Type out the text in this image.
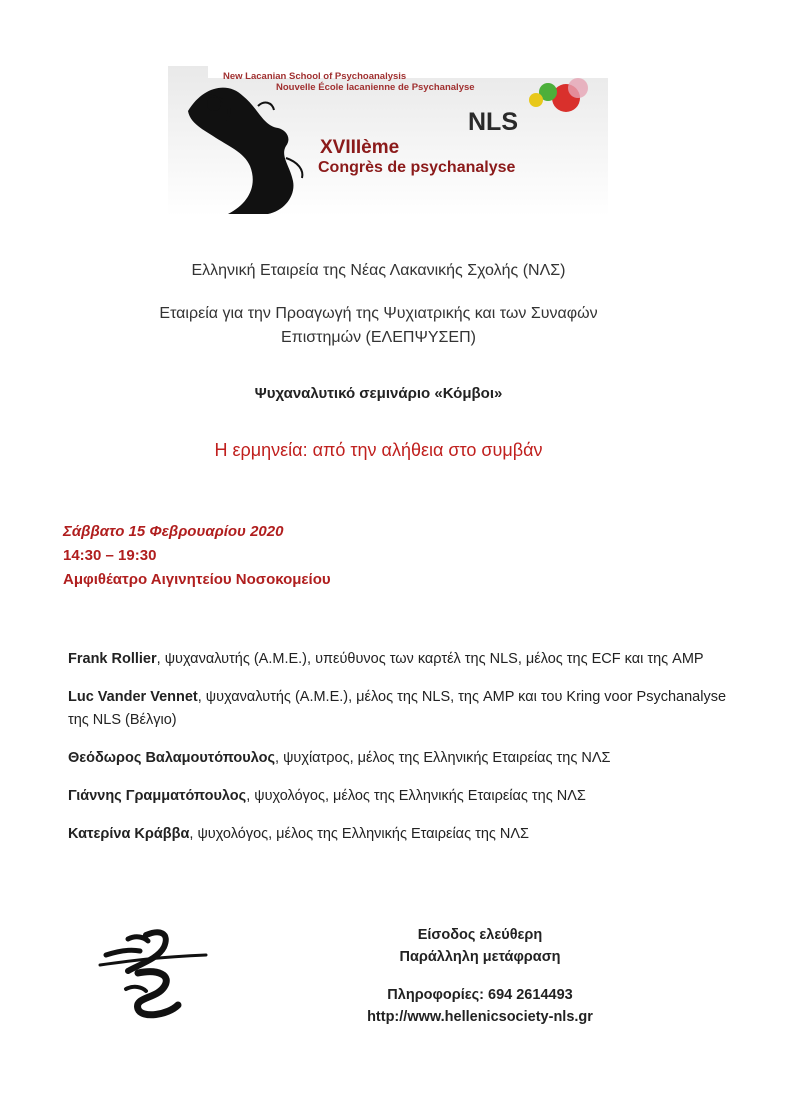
New Lacanian School of Psychoanalysis
Nouvelle École lacanienne de Psychanalyse
NLS
XVIIIème
Congrès de psychanalyse
Ελληνική Εταιρεία της Νέας Λακανικής Σχολής (ΝΛΣ)
Εταιρεία για την Προαγωγή της Ψυχιατρικής και των Συναφών
Επιστημών (ΕΛΕΠΨΥΣΕΠ)
Ψυχαναλυτικό σεμινάριο «Κόμβοι»
Η ερμηνεία: από την αλήθεια στο συμβάν
Σάββατο 15 Φεβρουαρίου 2020
14:30 – 19:30
Αμφιθέατρο Αιγινητείου Νοσοκομείου
Frank Rollier, ψυχαναλυτής (Α.Μ.Ε.), υπεύθυνος των καρτέλ της NLS, μέλος της ECF και της AMP
Luc Vander Vennet, ψυχαναλυτής (Α.Μ.Ε.), μέλος της NLS, της AMP και του Kring voor Psychanalyse της NLS (Βέλγιο)
Θεόδωρος Βαλαμουτόπουλος, ψυχίατρος, μέλος της Ελληνικής Εταιρείας της ΝΛΣ
Γιάννης Γραμματόπουλος, ψυχολόγος, μέλος της Ελληνικής Εταιρείας της ΝΛΣ
Κατερίνα Κράββα, ψυχολόγος, μέλος της Ελληνικής Εταιρείας της ΝΛΣ
Είσοδος ελεύθερη
Παράλληλη μετάφραση
Πληροφορίες: 694 2614493
http://www.hellenicsociety-nls.gr
